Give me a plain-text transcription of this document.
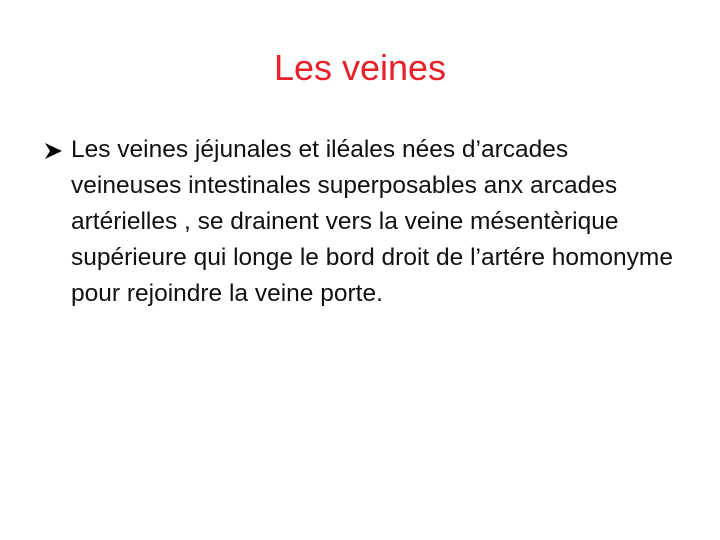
Les veines
Les veines jéjunales et iléales nées d’arcades veineuses intestinales superposables anx arcades artérielles , se drainent vers la veine mésentèrique supérieure qui longe le bord droit de l’artére homonyme pour rejoindre la veine porte.
